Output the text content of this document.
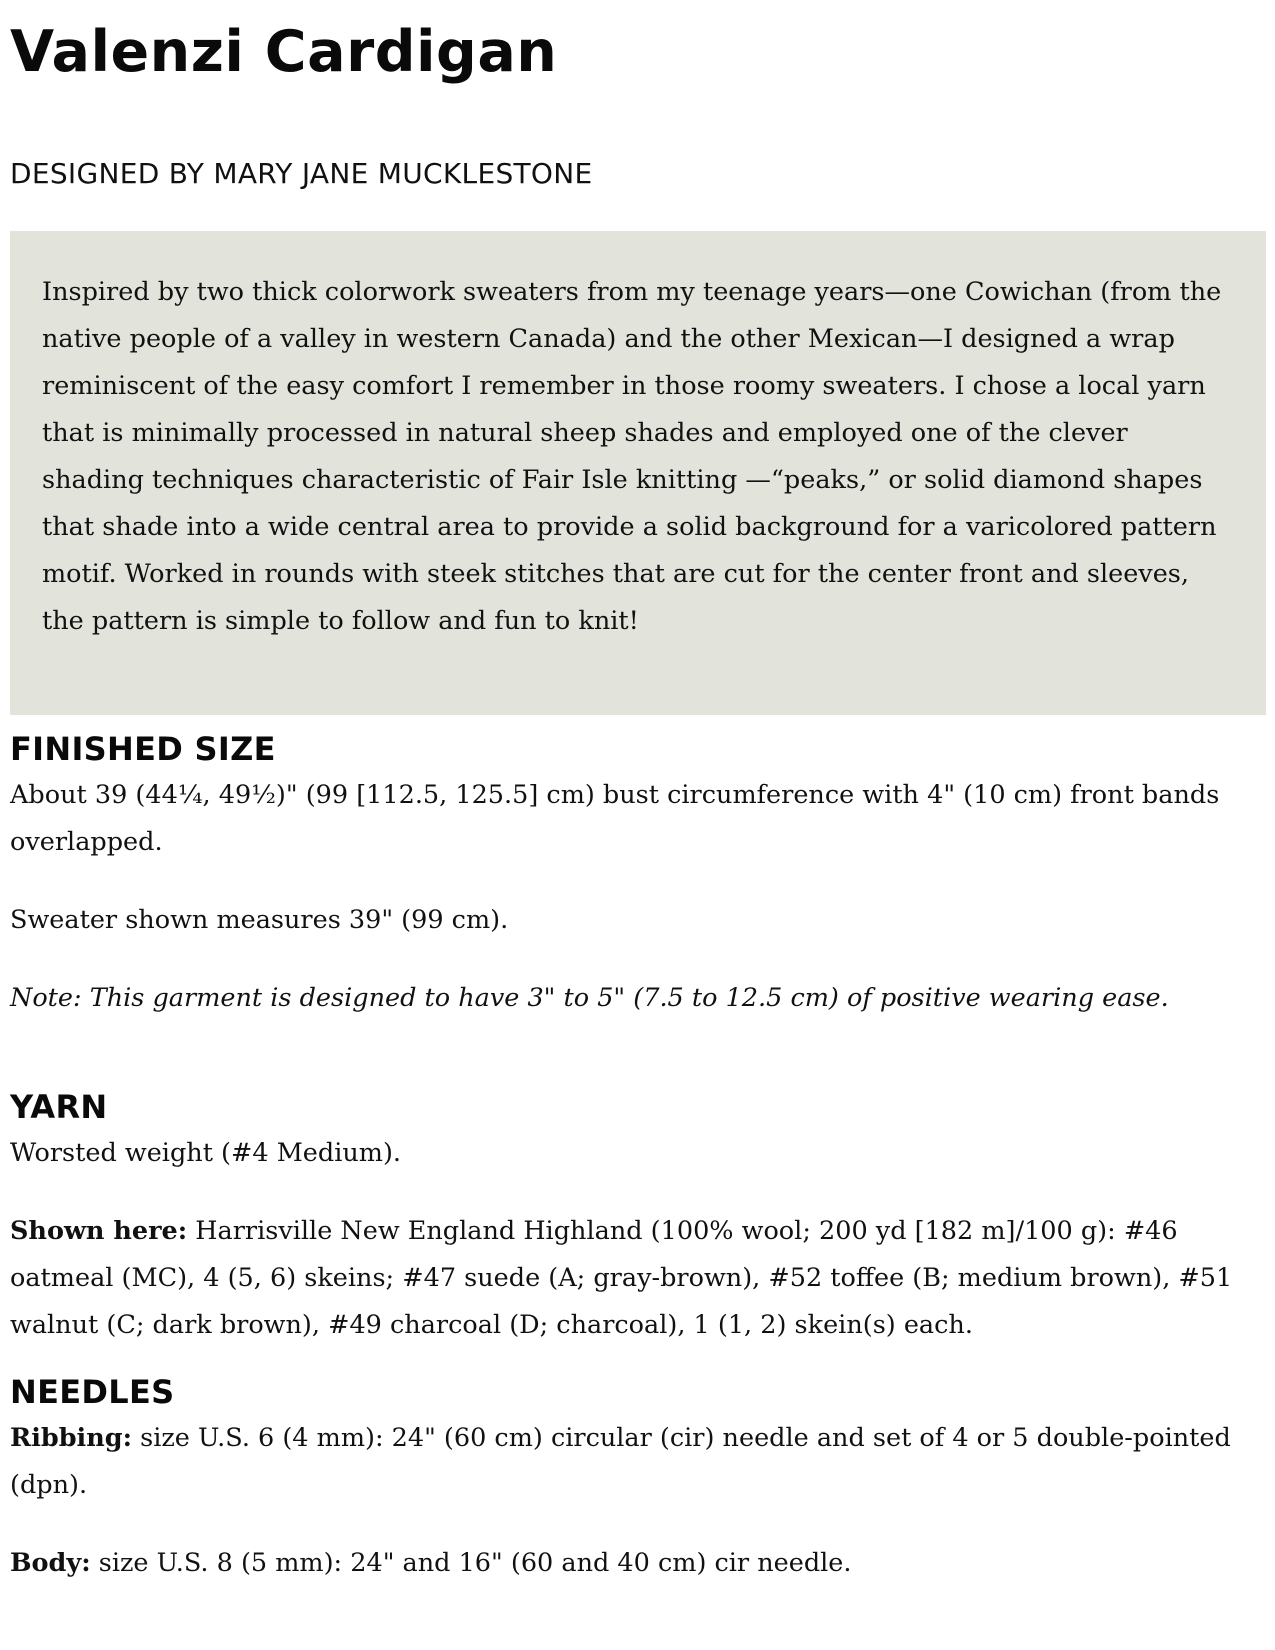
Valenzi Cardigan
DESIGNED BY MARY JANE MUCKLESTONE

Inspired by two thick colorwork sweaters from my teenage years—one Cowichan (from the native people of a valley in western Canada) and the other Mexican—I designed a wrap reminiscent of the easy comfort I remember in those roomy sweaters. I chose a local yarn that is minimally processed in natural sheep shades and employed one of the clever shading techniques characteristic of Fair Isle knitting —“peaks,” or solid diamond shapes that shade into a wide central area to provide a solid background for a varicolored pattern motif. Worked in rounds with steek stitches that are cut for the center front and sleeves, the pattern is simple to follow and fun to knit!

FINISHED SIZE

About 39 (44¼, 49½)" (99 [112.5, 125.5] cm) bust circumference with 4" (10 cm) front bands overlapped.

Sweater shown measures 39" (99 cm).

Note: This garment is designed to have 3" to 5" (7.5 to 12.5 cm) of positive wearing ease.

YARN

Worsted weight (#4 Medium).

Shown here: Harrisville New England Highland (100% wool; 200 yd [182 m]/100 g): #46 oatmeal (MC), 4 (5, 6) skeins; #47 suede (A; gray-brown), #52 toffee (B; medium brown), #51 walnut (C; dark brown), #49 charcoal (D; charcoal), 1 (1, 2) skein(s) each.

NEEDLES

Ribbing: size U.S. 6 (4 mm): 24" (60 cm) circular (cir) needle and set of 4 or 5 double-pointed (dpn).

Body: size U.S. 8 (5 mm): 24" and 16" (60 and 40 cm) cir needle.
